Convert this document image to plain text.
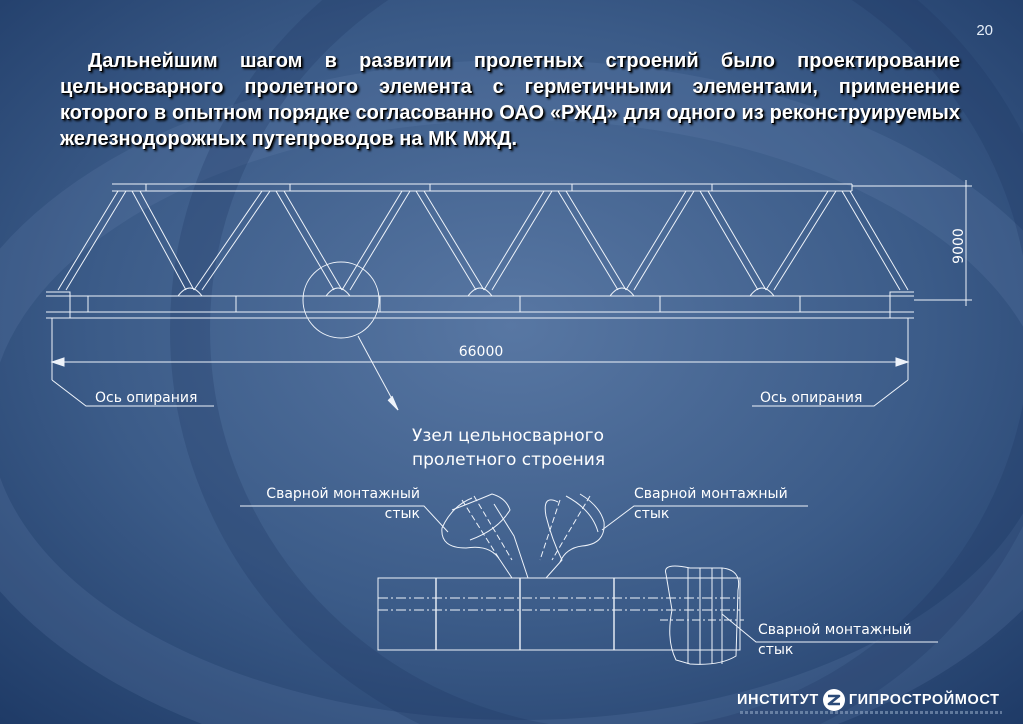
20
Дальнейшим шагом в развитии пролетных строений было проектирование цельносварного пролетного элемента с герметичными элементами, применение которого в опытном порядке согласованно ОАО «РЖД» для одного из реконструируемых железнодорожных путепроводов на МК МЖД.
9000
66000
Ось опирания	Ось опирания
Узел цельносварного
пролетного строения
Сварной монтажный
стык
Сварной монтажный
стык
Сварной монтажный
стык
ИНСТИТУТ ГИПРОСТРОЙМОСТ
